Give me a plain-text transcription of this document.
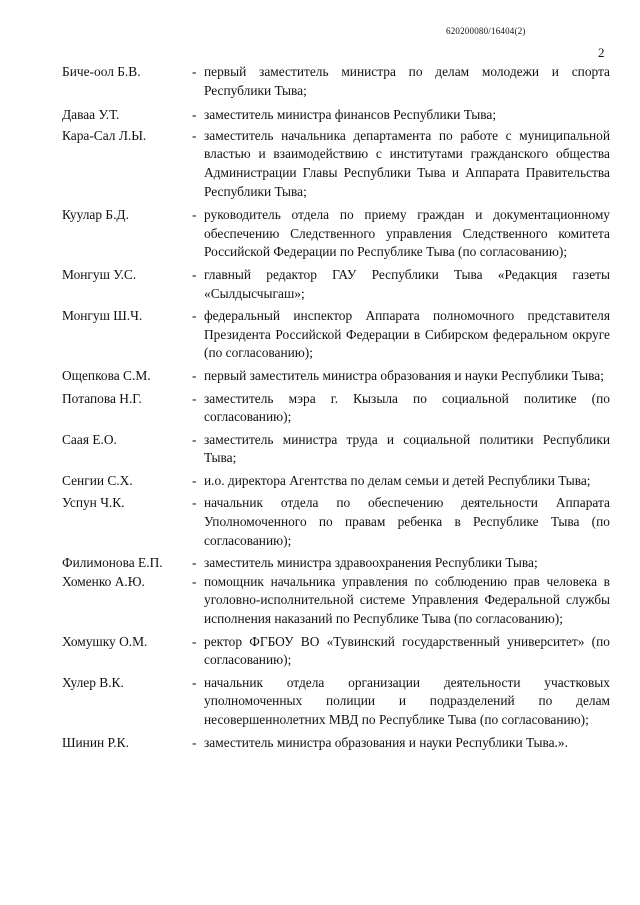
620200080/16404(2)
2
Биче-оол Б.В.	- первый заместитель министра по делам молодежи и спорта Республики Тыва;
Даваа У.Т.	- заместитель министра финансов Республики Тыва;
Кара-Сал Л.Ы.	- заместитель начальника департамента по работе с муниципальной властью и взаимодействию с институтами гражданского общества Администрации Главы Республики Тыва и Аппарата Правительства Республики Тыва;
Куулар Б.Д.	- руководитель отдела по приему граждан и документационному обеспечению Следственного управления Следственного комитета Российской Федерации по Республике Тыва (по согласованию);
Монгуш У.С.	- главный редактор ГАУ Республики Тыва «Редакция газеты «Сылдысчыгаш»;
Монгуш Ш.Ч.	- федеральный инспектор Аппарата полномочного представителя Президента Российской Федерации в Сибирском федеральном округе (по согласованию);
Ощепкова С.М.	- первый заместитель министра образования и науки Республики Тыва;
Потапова Н.Г.	- заместитель мэра г. Кызыла по социальной политике (по согласованию);
Саая Е.О.	- заместитель министра труда и социальной политики Республики Тыва;
Сенгии С.Х.	- и.о. директора Агентства по делам семьи и детей Республики Тыва;
Успун Ч.К.	- начальник отдела по обеспечению деятельности Аппарата Уполномоченного по правам ребенка в Республике Тыва (по согласованию);
Филимонова Е.П.	- заместитель министра здравоохранения Республики Тыва;
Хоменко А.Ю.	- помощник начальника управления по соблюдению прав человека в уголовно-исполнительной системе Управления Федеральной службы исполнения наказаний по Республике Тыва (по согласованию);
Хомушку О.М.	- ректор ФГБОУ ВО «Тувинский государственный университет» (по согласованию);
Хулер В.К.	- начальник отдела организации деятельности участковых уполномоченных полиции и подразделений по делам несовершеннолетних МВД по Республике Тыва (по согласованию);
Шинин Р.К.	- заместитель министра образования и науки Республики Тыва.».
